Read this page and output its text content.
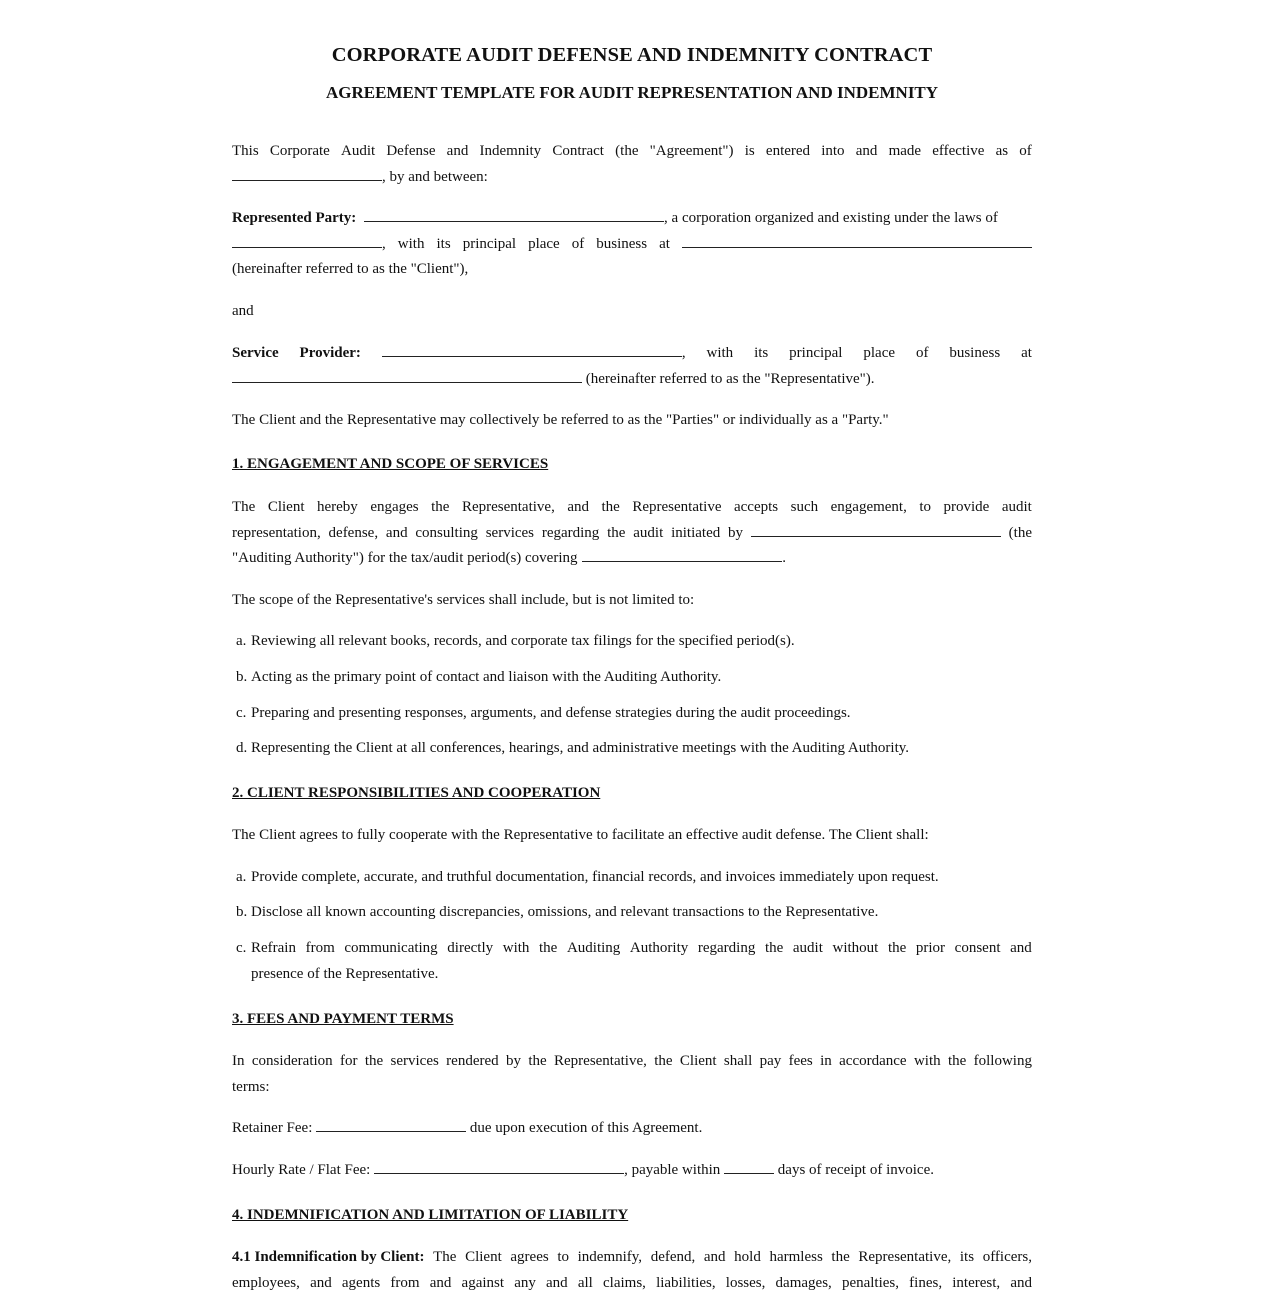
CORPORATE AUDIT DEFENSE AND INDEMNITY CONTRACT
AGREEMENT TEMPLATE FOR AUDIT REPRESENTATION AND INDEMNITY
This Corporate Audit Defense and Indemnity Contract (the "Agreement") is entered into and made effective as of
, by and between:
Represented Party:	, a corporation organized and existing under the laws of
, with its principal place of business at
(hereinafter referred to as the "Client"),
and
Service Provider:	, with its principal place of business at
(hereinafter referred to as the "Representative").
The Client and the Representative may collectively be referred to as the "Parties" or individually as a "Party."
1. ENGAGEMENT AND SCOPE OF SERVICES
The Client hereby engages the Representative, and the Representative accepts such engagement, to provide audit
representation, defense, and consulting services regarding the audit initiated by	(the
"Auditing Authority") for the tax/audit period(s) covering	.
The scope of the Representative's services shall include, but is not limited to:
a. Reviewing all relevant books, records, and corporate tax filings for the specified period(s).
b. Acting as the primary point of contact and liaison with the Auditing Authority.
c. Preparing and presenting responses, arguments, and defense strategies during the audit proceedings.
d. Representing the Client at all conferences, hearings, and administrative meetings with the Auditing Authority.
2. CLIENT RESPONSIBILITIES AND COOPERATION
The Client agrees to fully cooperate with the Representative to facilitate an effective audit defense. The Client shall:
a. Provide complete, accurate, and truthful documentation, financial records, and invoices immediately upon request.
b. Disclose all known accounting discrepancies, omissions, and relevant transactions to the Representative.
c. Refrain from communicating directly with the Auditing Authority regarding the audit without the prior consent and
presence of the Representative.
3. FEES AND PAYMENT TERMS
In consideration for the services rendered by the Representative, the Client shall pay fees in accordance with the following
terms:
Retainer Fee:	due upon execution of this Agreement.
Hourly Rate / Flat Fee:	, payable within	days of receipt of invoice.
4. INDEMNIFICATION AND LIMITATION OF LIABILITY
4.1 Indemnification by Client: The Client agrees to indemnify, defend, and hold harmless the Representative, its officers,
employees, and agents from and against any and all claims, liabilities, losses, damages, penalties, fines, interest, and
